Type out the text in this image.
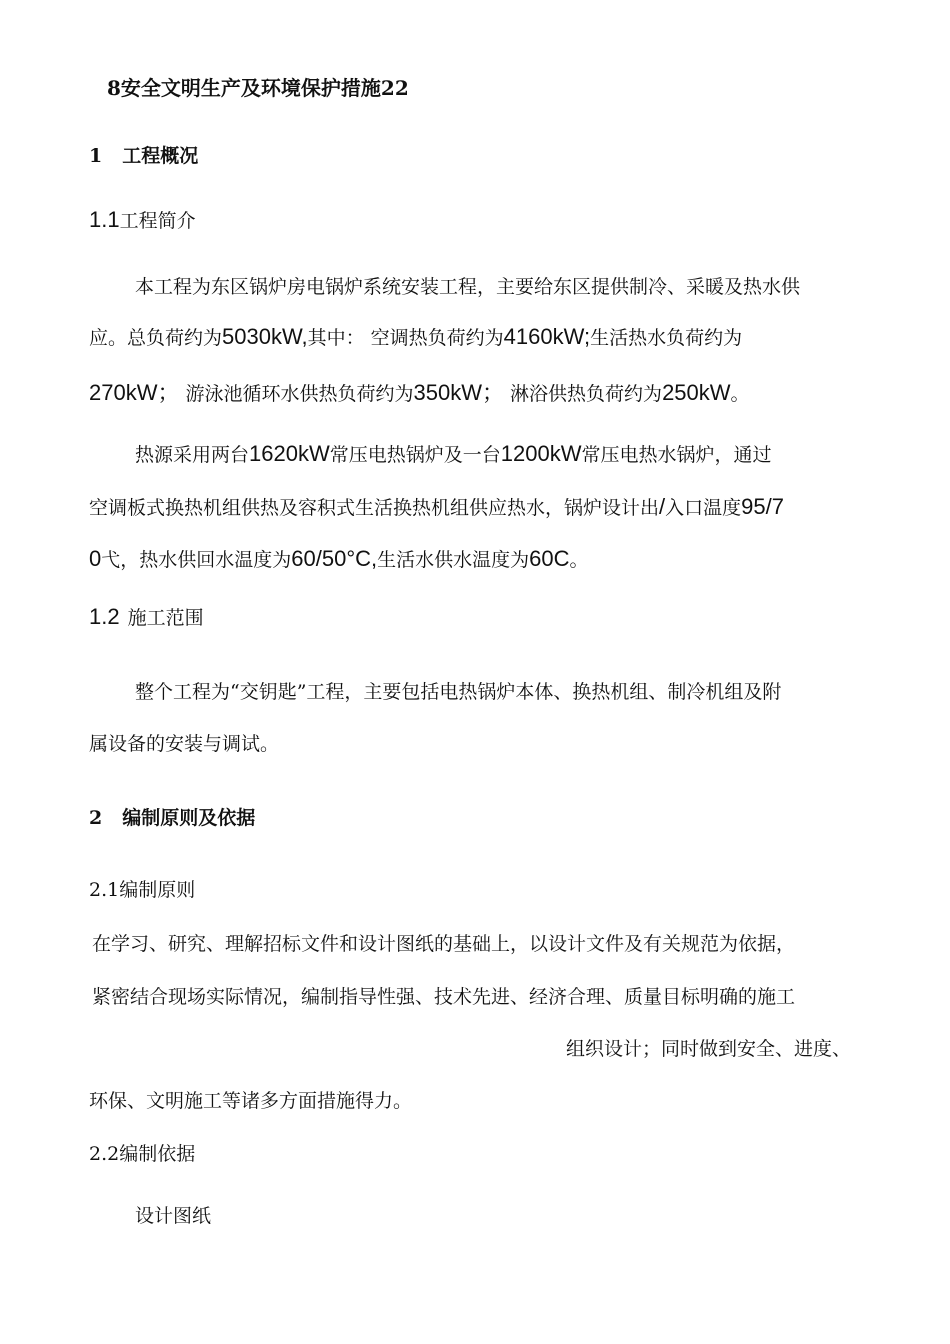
8安全文明生产及环境保护措施22

1 工程概况
1.1工程简介

本工程为东区锅炉房电锅炉系统安装工程，主要给东区提供制冷、采暖及热水供

应。总负荷约为5030kW,其中： 空调热负荷约为4160kW;生活热水负荷约为

270kW； 游泳池循环水供热负荷约为350kW； 淋浴供热负荷约为250kW。

热源采用两台1620kW常压电热锅炉及一台1200kW常压电热水锅炉，通过

空调板式换热机组供热及容积式生活换热机组供应热水，锅炉设计出/入口温度95/7

0弋，热水供回水温度为60/50°C,生活水供水温度为60C。

1.2 施工范围

整个工程为“交钥匙”工程，主要包括电热锅炉本体、换热机组、制冷机组及附

属设备的安装与调试。

2 编制原则及依据

2.1编制原则

在学习、研究、理解招标文件和设计图纸的基础上，以设计文件及有关规范为依据，

紧密结合现场实际情况，编制指导性强、技术先进、经济合理、质量目标明确的施工

组织设计；同时做到安全、进度、

环保、文明施工等诸多方面措施得力。

2.2编制依据

设计图纸
